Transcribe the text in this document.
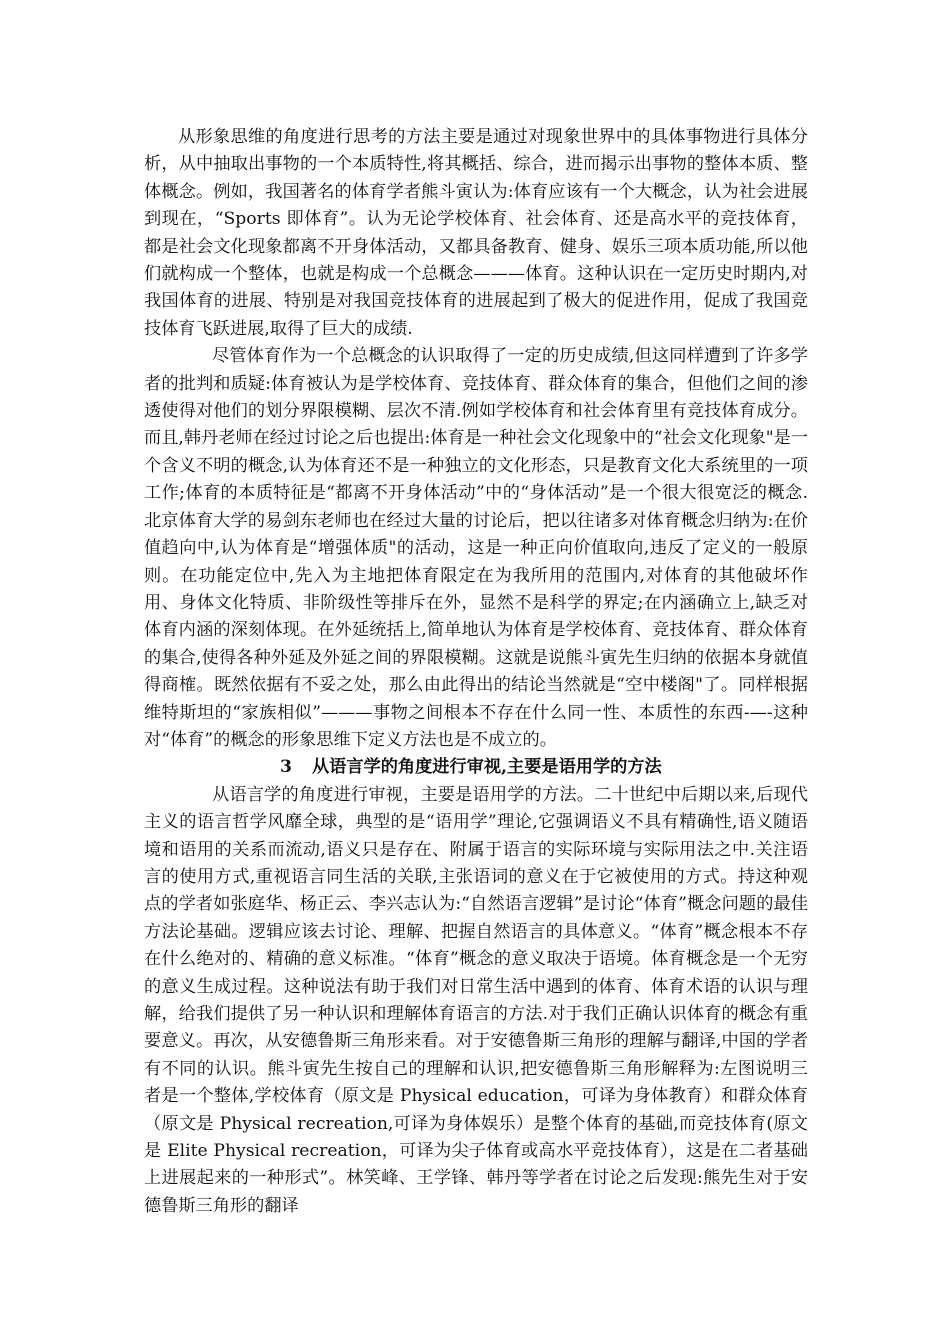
从形象思维的角度进行思考的方法主要是通过对现象世界中的具体事物进行具体分析，从中抽取出事物的一个本质特性,将其概括、综合，进而揭示出事物的整体本质、整体概念。例如，我国著名的体育学者熊斗寅认为:体育应该有一个大概念，认为社会进展到现在，“Sports 即体育”。认为无论学校体育、社会体育、还是高水平的竞技体育，都是社会文化现象都离不开身体活动，又都具备教育、健身、娱乐三项本质功能,所以他们就构成一个整体，也就是构成一个总概念———体育。这种认识在一定历史时期内,对我国体育的进展、特别是对我国竞技体育的进展起到了极大的促进作用，促成了我国竞技体育飞跃进展,取得了巨大的成绩.

尽管体育作为一个总概念的认识取得了一定的历史成绩,但这同样遭到了许多学者的批判和质疑:体育被认为是学校体育、竞技体育、群众体育的集合，但他们之间的渗透使得对他们的划分界限模糊、层次不清.例如学校体育和社会体育里有竞技体育成分。而且,韩丹老师在经过讨论之后也提出:体育是一种社会文化现象中的“社会文化现象"是一个含义不明的概念,认为体育还不是一种独立的文化形态，只是教育文化大系统里的一项工作;体育的本质特征是“都离不开身体活动”中的“身体活动”是一个很大很宽泛的概念.北京体育大学的易剑东老师也在经过大量的讨论后，把以往诸多对体育概念归纳为:在价值趋向中,认为体育是“增强体质"的活动，这是一种正向价值取向,违反了定义的一般原则。在功能定位中,先入为主地把体育限定在为我所用的范围内,对体育的其他破坏作用、身体文化特质、非阶级性等排斥在外，显然不是科学的界定;在内涵确立上,缺乏对体育内涵的深刻体现。在外延统括上,简单地认为体育是学校体育、竞技体育、群众体育的集合,使得各种外延及外延之间的界限模糊。这就是说熊斗寅先生归纳的依据本身就值得商榷。既然依据有不妥之处，那么由此得出的结论当然就是“空中楼阁"了。同样根据维特斯坦的“家族相似”———事物之间根本不存在什么同一性、本质性的东西-—-这种对“体育”的概念的形象思维下定义方法也是不成立的。

3 从语言学的角度进行审视,主要是语用学的方法

从语言学的角度进行审视，主要是语用学的方法。二十世纪中后期以来,后现代主义的语言哲学风靡全球，典型的是“语用学”理论,它强调语义不具有精确性,语义随语境和语用的关系而流动,语义只是存在、附属于语言的实际环境与实际用法之中.关注语言的使用方式,重视语言同生活的关联,主张语词的意义在于它被使用的方式。持这种观点的学者如张庭华、杨正云、李兴志认为:“自然语言逻辑”是讨论“体育”概念问题的最佳方法论基础。逻辑应该去讨论、理解、把握自然语言的具体意义。“体育”概念根本不存在什么绝对的、精确的意义标准。“体育”概念的意义取决于语境。体育概念是一个无穷的意义生成过程。这种说法有助于我们对日常生活中遇到的体育、体育术语的认识与理解，给我们提供了另一种认识和理解体育语言的方法.对于我们正确认识体育的概念有重要意义。再次，从安德鲁斯三角形来看。对于安德鲁斯三角形的理解与翻译,中国的学者有不同的认识。熊斗寅先生按自己的理解和认识,把安德鲁斯三角形解释为:左图说明三者是一个整体,学校体育（原文是 Physical education，可译为身体教育）和群众体育（原文是 Physical recreation,可译为身体娱乐）是整个体育的基础,而竞技体育(原文是 Elite Physical recreation，可译为尖子体育或高水平竞技体育），这是在二者基础上进展起来的一种形式”。林笑峰、王学锋、韩丹等学者在讨论之后发现:熊先生对于安德鲁斯三角形的翻译
